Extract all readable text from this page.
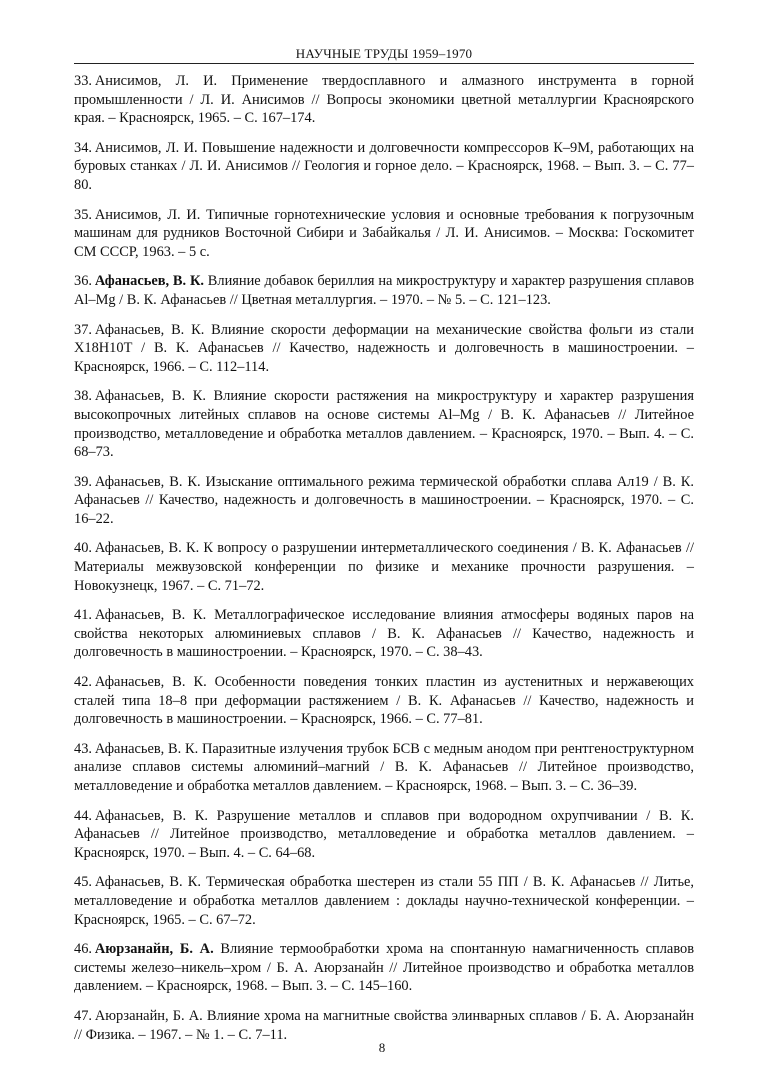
НАУЧНЫЕ ТРУДЫ 1959–1970

33.  Анисимов, Л. И. Применение твердосплавного и алмазного инструмента в горной промышленности / Л. И. Анисимов // Вопросы экономики цветной металлургии Красноярского края. – Красноярск, 1965. – С. 167–174.

34.  Анисимов, Л. И. Повышение надежности и долговечности компрессоров К–9М, работающих на буровых станках / Л. И. Анисимов // Геология и горное дело. – Красноярск, 1968. – Вып. 3. – С. 77–80.

35.  Анисимов, Л. И. Типичные горнотехнические условия и основные требования к погрузочным машинам для рудников Восточной Сибири и Забайкалья / Л. И. Анисимов. – Москва: Госкомитет СМ СССР, 1963. – 5 с.

36.  Афанасьев, В. К. Влияние добавок бериллия на микроструктуру и характер разрушения сплавов Al–Mg / В. К. Афанасьев // Цветная металлургия. – 1970. – № 5. – С. 121–123.

37.  Афанасьев, В. К. Влияние скорости деформации на механические свойства фольги из стали Х18Н10Т / В. К. Афанасьев // Качество, надежность и долговечность в машиностроении. – Красноярск, 1966. – С. 112–114.

38.  Афанасьев, В. К. Влияние скорости растяжения на микроструктуру и характер разрушения высокопрочных литейных сплавов на основе системы Al–Mg / В. К. Афанасьев // Литейное производство, металловедение и обработка металлов давлением. – Красноярск, 1970. – Вып. 4. – С. 68–73.

39.  Афанасьев, В. К. Изыскание оптимального режима термической обработки сплава Ал19 / В. К. Афанасьев // Качество, надежность и долговечность в машиностроении. – Красноярск, 1970. – С. 16–22.

40.  Афанасьев, В. К. К вопросу о разрушении интерметаллического соединения / В. К. Афанасьев // Материалы межвузовской конференции по физике и механике прочности разрушения. – Новокузнецк, 1967. – С. 71–72.

41.  Афанасьев, В. К. Металлографическое исследование влияния атмосферы водяных паров на свойства некоторых алюминиевых сплавов / В. К. Афанасьев // Качество, надежность и долговечность в машиностроении. – Красноярск, 1970. – С. 38–43.

42.  Афанасьев, В. К. Особенности поведения тонких пластин из аустенитных и нержавеющих сталей типа 18–8 при деформации растяжением / В. К. Афанасьев // Качество, надежность и долговечность в машиностроении. – Красноярск, 1966. – С. 77–81.

43.  Афанасьев, В. К. Паразитные излучения трубок БСВ с медным анодом при рентгеноструктурном анализе сплавов системы алюминий–магний / В. К. Афанасьев // Литейное производство, металловедение и обработка металлов давлением. – Красноярск, 1968. – Вып. 3. – С. 36–39.

44.  Афанасьев, В. К. Разрушение металлов и сплавов при водородном охрупчивании / В. К. Афанасьев // Литейное производство, металловедение и обработка металлов давлением. – Красноярск, 1970. – Вып. 4. – С. 64–68.

45.  Афанасьев, В. К. Термическая обработка шестерен из стали 55 ПП / В. К. Афанасьев // Литье, металловедение и обработка металлов давлением : доклады научно-технической конференции. – Красноярск, 1965. – С. 67–72.

46.  Аюрзанайн, Б. А. Влияние термообработки хрома на спонтанную намагниченность сплавов системы железо–никель–хром / Б. А. Аюрзанайн // Литейное производство и обработка металлов давлением. – Красноярск, 1968. – Вып. 3. – С. 145–160.

47.  Аюрзанайн, Б. А. Влияние хрома на магнитные свойства элинварных сплавов / Б. А. Аюрзанайн // Физика. – 1967. – № 1. – С. 7–11.

8
